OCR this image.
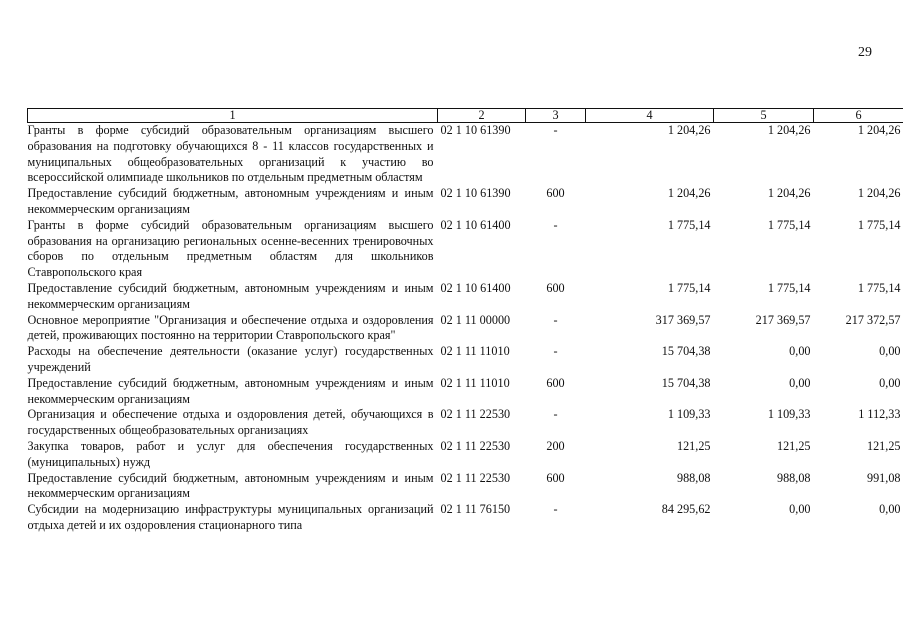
29
1	2	3	4	5	6
Гранты в форме субсидий образовательным организациям высшего образования на подготовку обучающихся 8 - 11 классов государственных и муниципальных общеобразовательных организаций к участию во всероссийской олимпиаде школьников по отдельным предметным областям	02 1 10 61390	-	1 204,26	1 204,26	1 204,26
Предоставление субсидий бюджетным, автономным учреждениям и иным некоммерческим организациям	02 1 10 61390	600	1 204,26	1 204,26	1 204,26
Гранты в форме субсидий образовательным организациям высшего образования на организацию региональных осенне-весенних тренировочных сборов по отдельным предметным областям для школьников Ставропольского края	02 1 10 61400	-	1 775,14	1 775,14	1 775,14
Предоставление субсидий бюджетным, автономным учреждениям и иным некоммерческим организациям	02 1 10 61400	600	1 775,14	1 775,14	1 775,14
Основное мероприятие "Организация и обеспечение отдыха и оздоровления детей, проживающих постоянно на территории Ставропольского края"	02 1 11 00000	-	317 369,57	217 369,57	217 372,57
Расходы на обеспечение деятельности (оказание услуг) государственных учреждений	02 1 11 11010	-	15 704,38	0,00	0,00
Предоставление субсидий бюджетным, автономным учреждениям и иным некоммерческим организациям	02 1 11 11010	600	15 704,38	0,00	0,00
Организация и обеспечение отдыха и оздоровления детей, обучающихся в государственных общеобразовательных организациях	02 1 11 22530	-	1 109,33	1 109,33	1 112,33
Закупка товаров, работ и услуг для обеспечения государственных (муниципальных) нужд	02 1 11 22530	200	121,25	121,25	121,25
Предоставление субсидий бюджетным, автономным учреждениям и иным некоммерческим организациям	02 1 11 22530	600	988,08	988,08	991,08
Субсидии на модернизацию инфраструктуры муниципальных организаций отдыха детей и их оздоровления стационарного типа	02 1 11 76150	-	84 295,62	0,00	0,00
